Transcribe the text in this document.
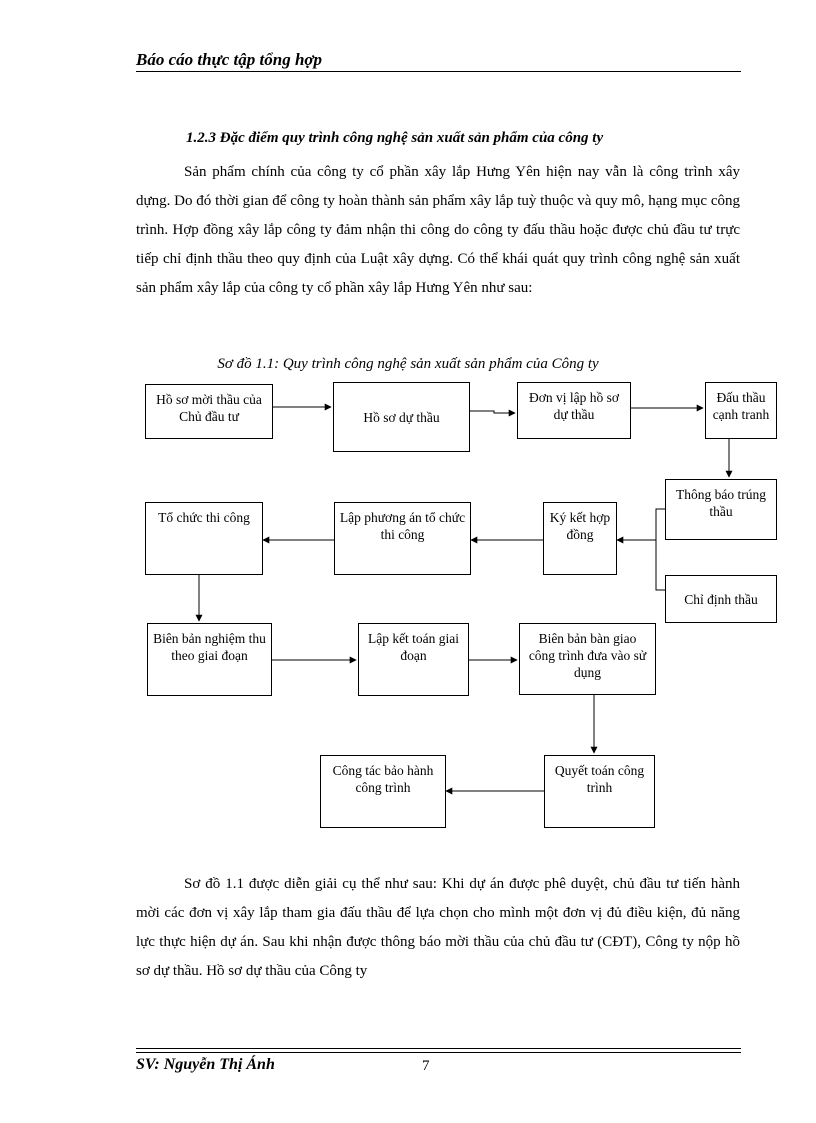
Báo cáo thực tập tổng hợp
1.2.3 Đặc điểm quy trình công nghệ sản xuất sản phẩm của công ty

Sản phẩm chính của công ty cổ phần xây lắp Hưng Yên hiện nay vẫn là công trình xây dựng. Do đó thời gian để công ty hoàn thành sản phẩm xây lắp tuỳ thuộc và quy mô, hạng mục công trình. Hợp đồng xây lắp công ty đảm nhận thi công do công ty đấu thầu hoặc được chủ đầu tư trực tiếp chỉ định thầu theo quy định của Luật xây dựng. Có thể khái quát quy trình công nghệ sản xuất sản phẩm xây lắp của công ty cổ phần xây lắp Hưng Yên như sau:

Sơ đồ 1.1: Quy trình công nghệ sản xuất sản phẩm của Công ty
Hồ sơ mời thầu của Chủ đầu tư	Hồ sơ dự thầu
Đơn vị lập hồ sơ dự thầu
Đấu thầu cạnh tranh
Thông báo trúng thầu
Chỉ định thầu
Ký kết hợp đồng
Lập phương án tổ chức thi công
Tổ chức thi công
Biên bản nghiệm thu theo giai đoạn
Lập kết toán giai đoạn
Biên bản bàn giao công trình đưa vào sử dụng
Quyết toán công trình
Công tác bảo hành công trình

Sơ đồ 1.1 được diễn giải cụ thể như sau: Khi dự án được phê duyệt, chủ đầu tư tiến hành mời các đơn vị xây lắp tham gia đấu thầu để lựa chọn cho mình một đơn vị đủ điều kiện, đủ năng lực thực hiện dự án. Sau khi nhận được thông báo mời thầu của chủ đầu tư (CĐT), Công ty nộp hồ sơ dự thầu. Hồ sơ dự thầu của Công ty

SV: Nguyễn Thị Ánh	7
